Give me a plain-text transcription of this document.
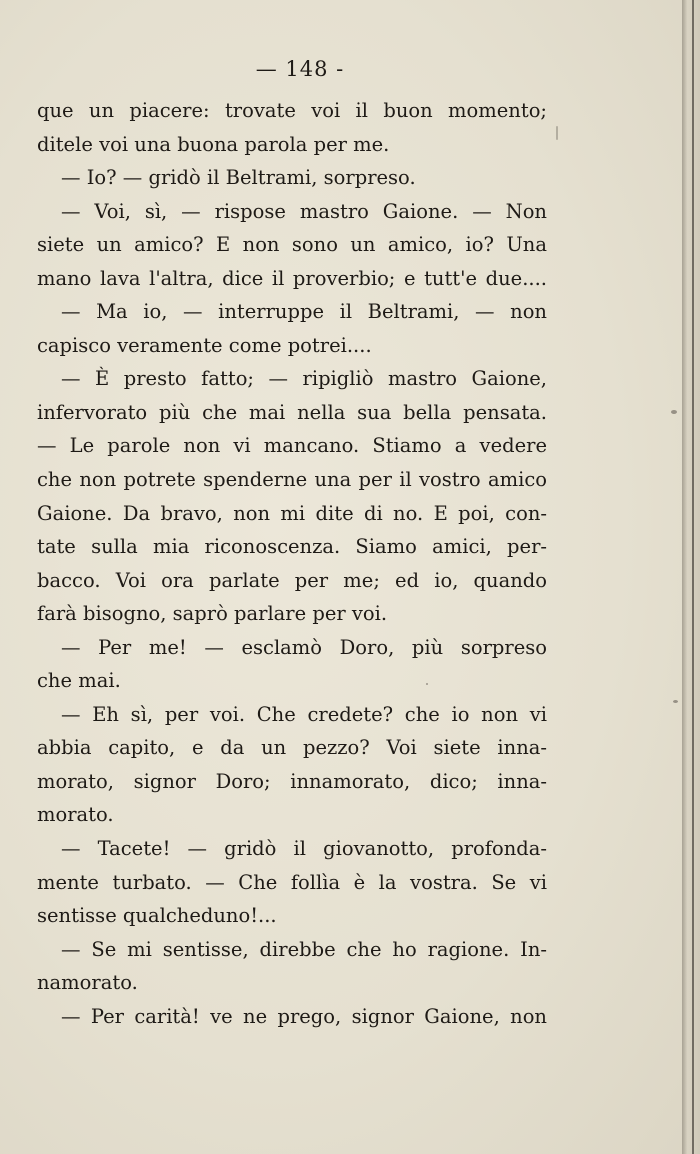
— 148 -
que un piacere: trovate voi il buon momento;
ditele voi una buona parola per me.
— Io? — gridò il Beltrami, sorpreso.
— Voi, sì, — rispose mastro Gaione. — Non
siete un amico? E non sono un amico, io? Una
mano lava l'altra, dice il proverbio; e tutt'e due....
— Ma io, — interruppe il Beltrami, — non
capisco veramente come potrei....
— È presto fatto; — ripigliò mastro Gaione,
infervorato più che mai nella sua bella pensata.
— Le parole non vi mancano. Stiamo a vedere
che non potrete spenderne una per il vostro amico
Gaione. Da bravo, non mi dite di no. E poi, con-
tate sulla mia riconoscenza. Siamo amici, per-
bacco. Voi ora parlate per me; ed io, quando
farà bisogno, saprò parlare per voi.
— Per me! — esclamò Doro, più sorpreso
che mai.
— Eh sì, per voi. Che credete? che io non vi
abbia capito, e da un pezzo? Voi siete inna-
morato, signor Doro; innamorato, dico; inna-
morato.
— Tacete! — gridò il giovanotto, profonda-
mente turbato. — Che follìa è la vostra. Se vi
sentisse qualcheduno!...
— Se mi sentisse, direbbe che ho ragione. In-
namorato.
— Per carità! ve ne prego, signor Gaione, non
